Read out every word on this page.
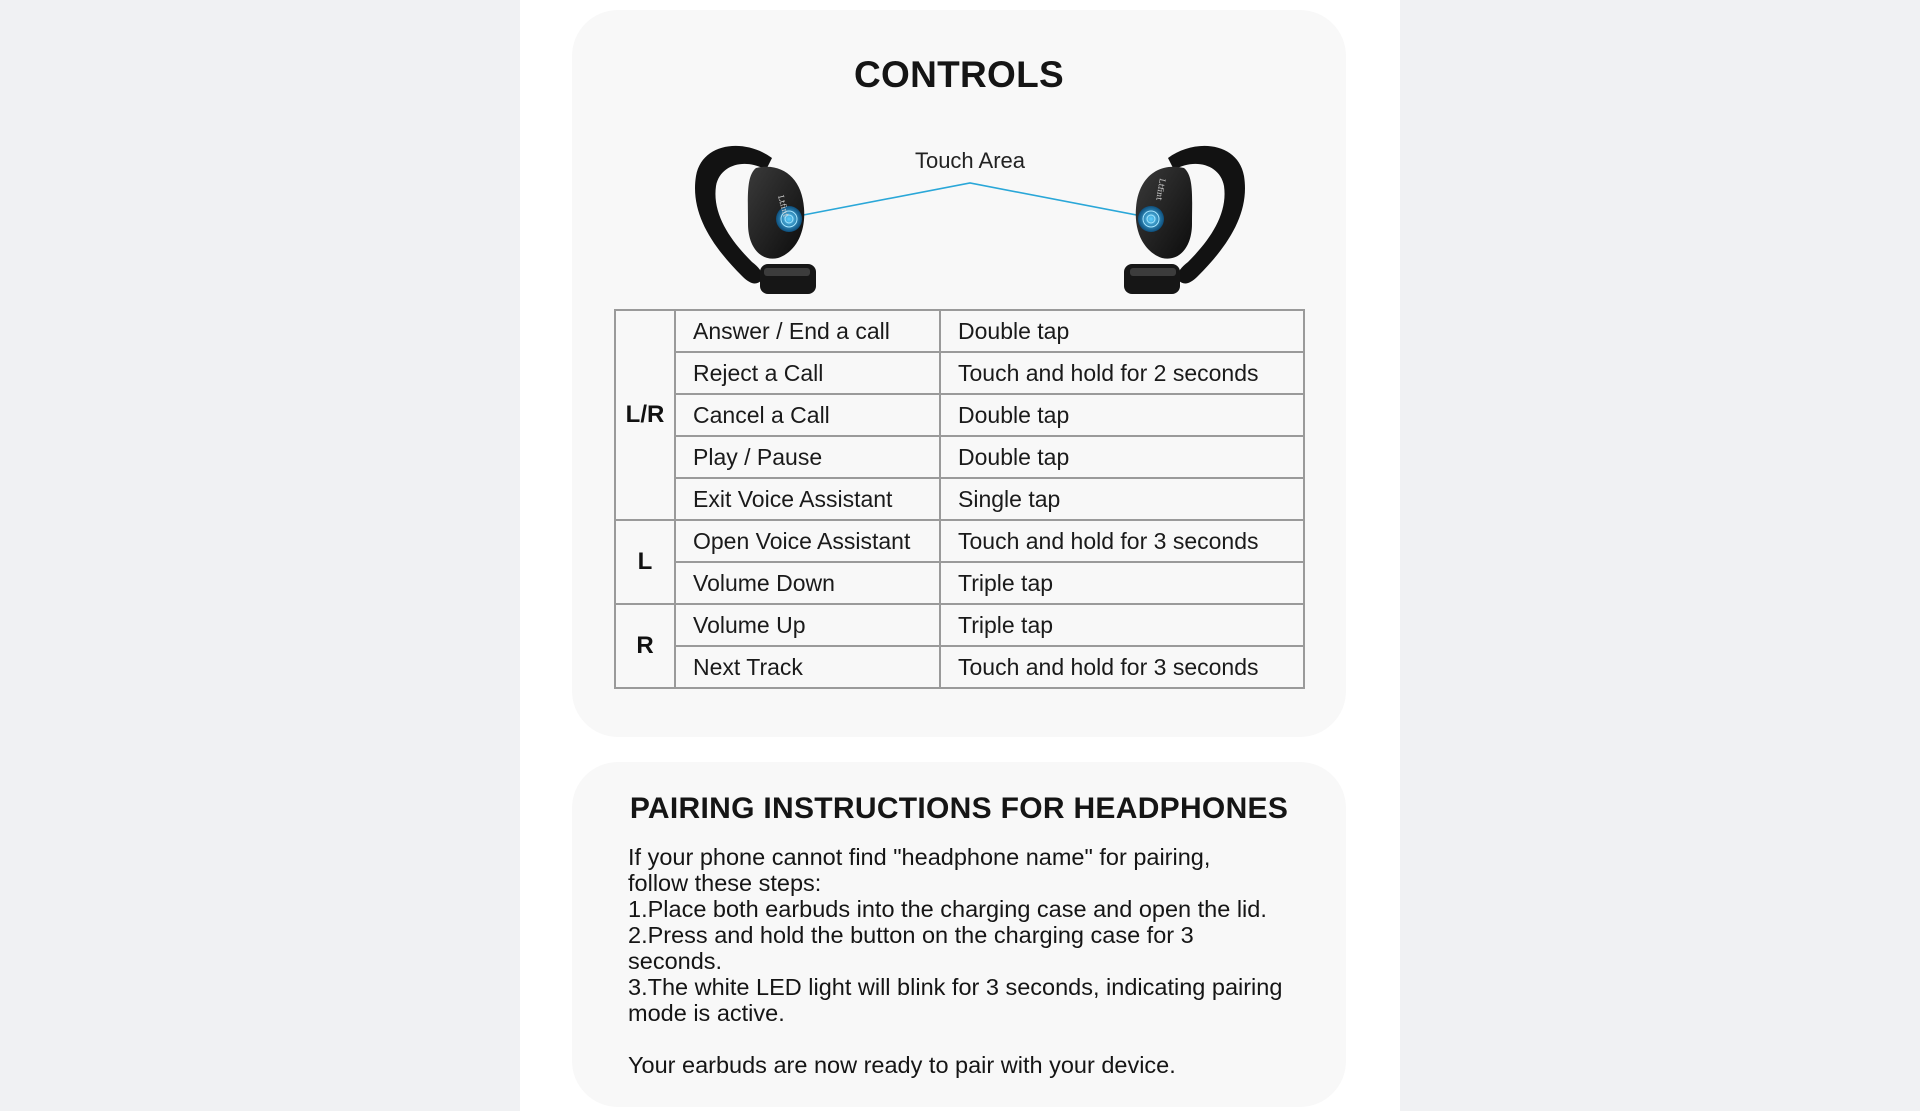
CONTROLS
Ltfint
Ltfint
Touch Area
L/R	Answer / End a call	Double tap
	Reject a Call	Touch and hold for 2 seconds
	Cancel a Call	Double tap
	Play / Pause	Double tap
	Exit Voice Assistant	Single tap
L	Open Voice Assistant	Touch and hold for 3 seconds
	Volume Down	Triple tap
R	Volume Up	Triple tap
	Next Track	Touch and hold for 3 seconds
PAIRING INSTRUCTIONS FOR HEADPHONES

If your phone cannot find "headphone name" for pairing,

follow these steps:

1.Place both earbuds into the charging case and open the lid.

2.Press and hold the button on the charging case for 3

seconds.

3.The white LED light will blink for 3 seconds, indicating pairing

mode is active.

Your earbuds are now ready to pair with your device.
